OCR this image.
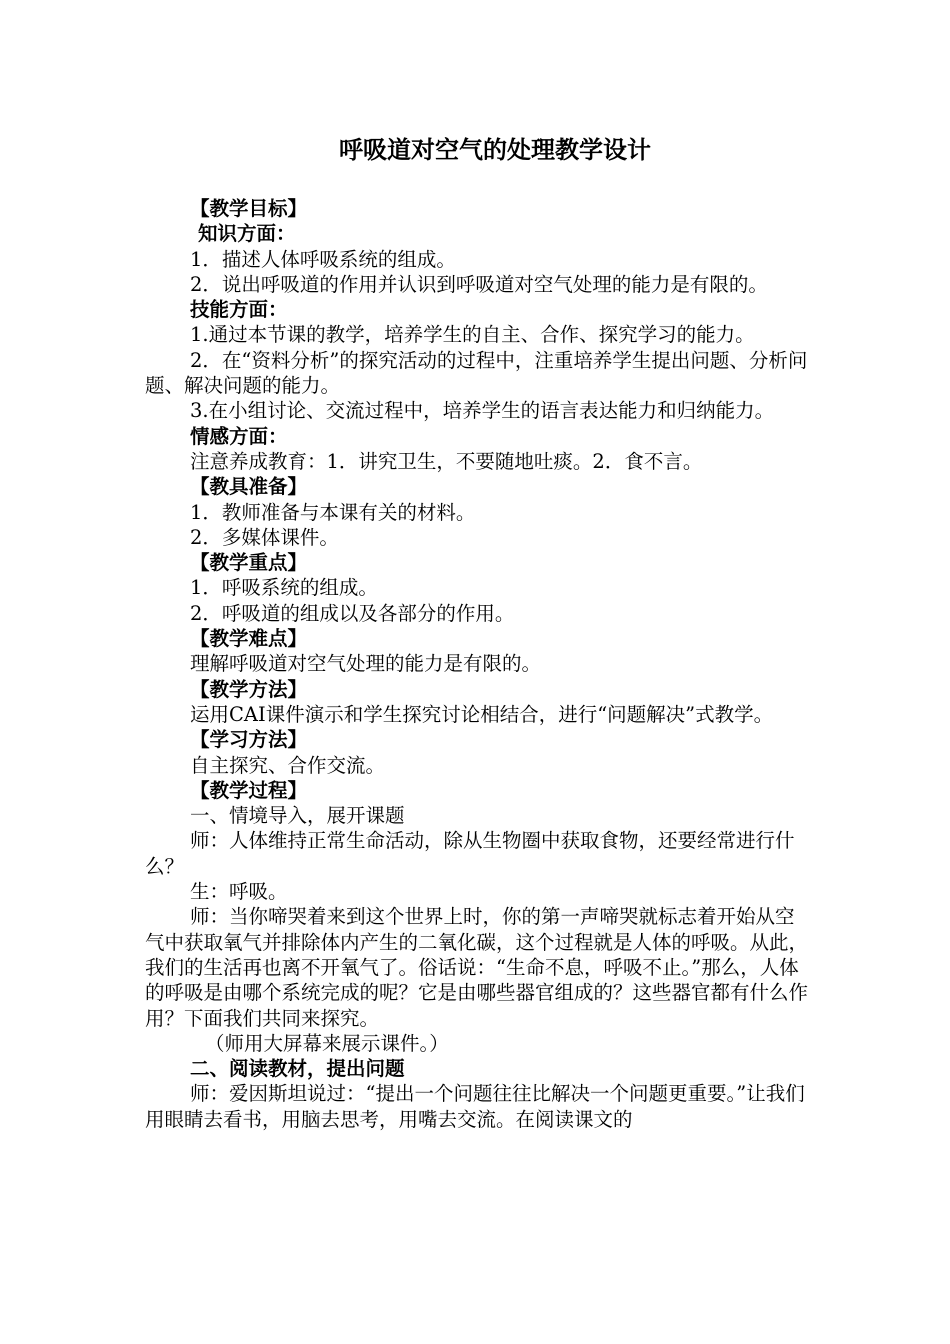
呼吸道对空气的处理教学设计

【教学目标】

知识方面：

1．描述人体呼吸系统的组成。

2．说出呼吸道的作用并认识到呼吸道对空气处理的能力是有限的。

技能方面：

1.通过本节课的教学，培养学生的自主、合作、探究学习的能力。

2．在“资料分析”的探究活动的过程中，注重培养学生提出问题、分析问题、解决问题的能力。

3.在小组讨论、交流过程中，培养学生的语言表达能力和归纳能力。

情感方面：

注意养成教育：1．讲究卫生，不要随地吐痰。2．食不言。

【教具准备】

1．教师准备与本课有关的材料。

2．多媒体课件。

【教学重点】

1．呼吸系统的组成。

2．呼吸道的组成以及各部分的作用。

【教学难点】

理解呼吸道对空气处理的能力是有限的。

【教学方法】

运用CAI课件演示和学生探究讨论相结合，进行“问题解决”式教学。

【学习方法】

自主探究、合作交流。

【教学过程】

一、情境导入，展开课题

师：人体维持正常生命活动，除从生物圈中获取食物，还要经常进行什么？

生：呼吸。

师：当你啼哭着来到这个世界上时，你的第一声啼哭就标志着开始从空气中获取氧气并排除体内产生的二氧化碳，这个过程就是人体的呼吸。从此，我们的生活再也离不开氧气了。俗话说：“生命不息，呼吸不止。”那么，人体的呼吸是由哪个系统完成的呢？它是由哪些器官组成的？这些器官都有什么作用？下面我们共同来探究。

（师用大屏幕来展示课件。）

二、阅读教材，提出问题

师：爱因斯坦说过：“提出一个问题往往比解决一个问题更重要。”让我们用眼睛去看书，用脑去思考，用嘴去交流。在阅读课文的
